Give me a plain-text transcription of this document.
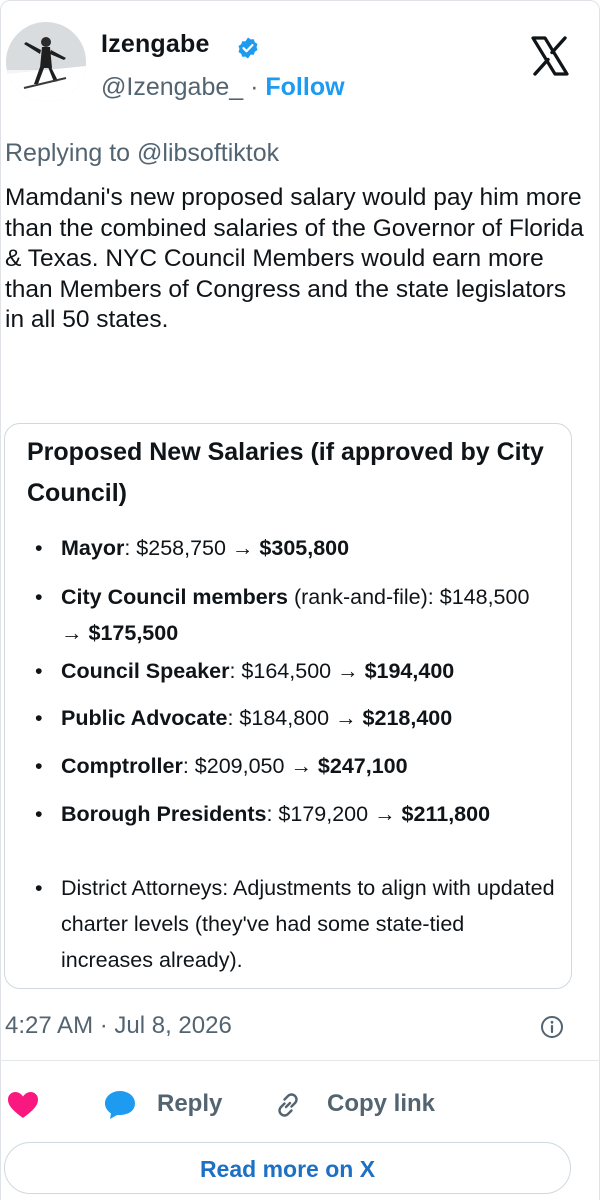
Izengabe
@Izengabe_ · Follow
Replying to @libsoftiktok
Mamdani's new proposed salary would pay him more than the combined salaries of the Governor of Florida & Texas. NYC Council Members would earn more than Members of Congress and the state legislators in all 50 states.
Proposed New Salaries (if approved by City Council)
• Mayor: $258,750 → $305,800
• City Council members (rank-and-file): $148,500 → $175,500
• Council Speaker: $164,500 → $194,400
• Public Advocate: $184,800 → $218,400
• Comptroller: $209,050 → $247,100
• Borough Presidents: $179,200 → $211,800
• District Attorneys: Adjustments to align with updated charter levels (they've had some state-tied increases already).
4:27 AM · Jul 8, 2026
Reply	Copy link
Read more on X
